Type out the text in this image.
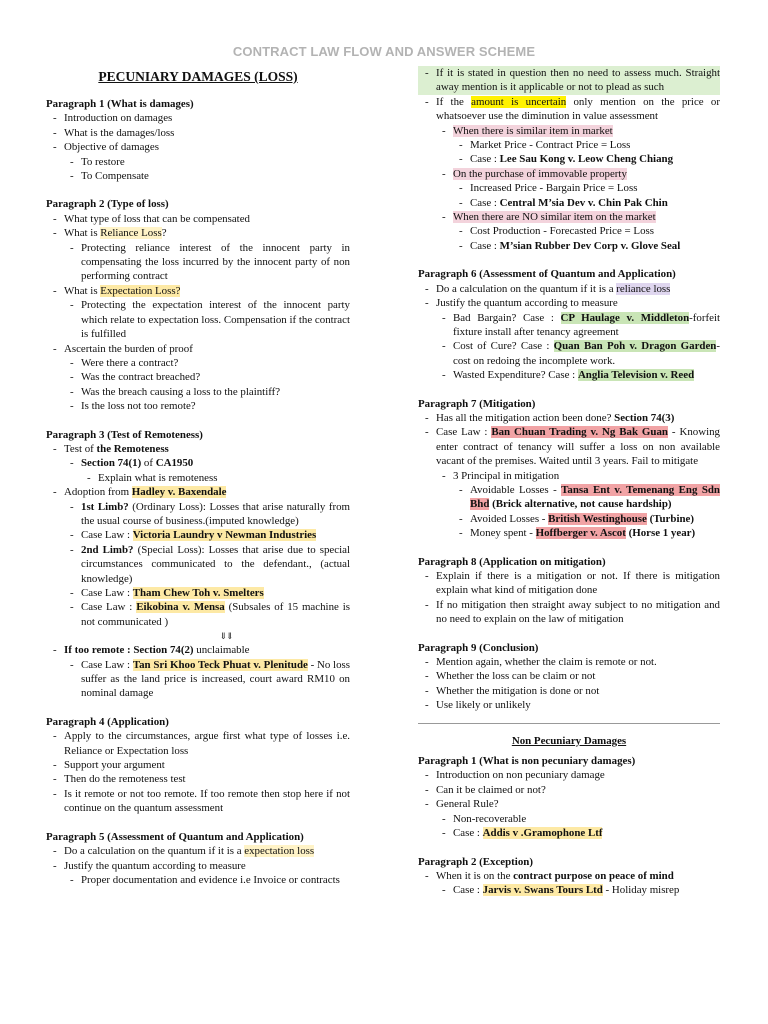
CONTRACT LAW FLOW AND ANSWER SCHEME
PECUNIARY DAMAGES (LOSS)
Paragraph 1 (What is damages)
- Introduction on damages
- What is the damages/loss
- Objective of damages
- To restore
- To Compensate
Paragraph 2 (Type of loss)
- What type of loss that can be compensated
- What is Reliance Loss?
- Protecting reliance interest of the innocent party in compensating the loss incurred by the innocent party of non performing contract
- What is Expectation Loss?
- Protecting the expectation interest of the innocent party which relate to expectation loss. Compensation if the contract is fulfilled
- Ascertain the burden of proof
- Were there a contract?
- Was the contract breached?
- Was the breach causing a loss to the plaintiff?
- Is the loss not too remote?
Paragraph 3 (Test of Remoteness)
- Test of the Remoteness
- Section 74(1) of CA1950
- Explain what is remoteness
- Adoption from Hadley v. Baxendale
- 1st Limb? (Ordinary Loss): Losses that arise naturally from the usual course of business.(imputed knowledge)
- Case Law : Victoria Laundry v Newman Industries
- 2nd Limb? (Special Loss): Losses that arise due to special circumstances communicated to the defendant., (actual knowledge)
- Case Law : Tham Chew Toh v. Smelters
- Case Law : Eikobina v. Mensa (Subsales of 15 machine is not communicated )
⇓⇓
- If too remote : Section 74(2) unclaimable
- Case Law : Tan Sri Khoo Teck Phuat v. Plenitude - No loss suffer as the land price is increased, court award RM10 on nominal damage
Paragraph 4 (Application)
- Apply to the circumstances, argue first what type of losses i.e. Reliance or Expectation loss
- Support your argument
- Then do the remoteness test
- Is it remote or not too remote. If too remote then stop here if not continue on the quantum assessment
Paragraph 5 (Assessment of Quantum and Application)
- Do a calculation on the quantum if it is a expectation loss
- Justify the quantum according to measure
- Proper documentation and evidence i.e Invoice or contracts
- If it is stated in question then no need to assess much. Straight away mention is it applicable or not to plead as such
- If the amount is uncertain only mention on the price or whatsoever use the diminution in value assessment
- When there is similar item in market
- Market Price - Contract Price = Loss
- Case : Lee Sau Kong v. Leow Cheng Chiang
- On the purchase of immovable property
- Increased Price - Bargain Price = Loss
- Case : Central M’sia Dev v. Chin Pak Chin
- When there are NO similar item on the market
- Cost Production - Forecasted Price = Loss
- Case : M’sian Rubber Dev Corp v. Glove Seal
Paragraph 6 (Assessment of Quantum and Application)
- Do a calculation on the quantum if it is a reliance loss
- Justify the quantum according to measure
- Bad Bargain? Case : CP Haulage v. Middleton-forfeit fixture install after tenancy agreement
- Cost of Cure? Case : Quan Ban Poh v. Dragon Garden-cost on redoing the incomplete work.
- Wasted Expenditure? Case : Anglia Television v. Reed
Paragraph 7 (Mitigation)
- Has all the mitigation action been done? Section 74(3)
- Case Law : Ban Chuan Trading v. Ng Bak Guan - Knowing enter contract of tenancy will suffer a loss on non available vacant of the premises. Waited until 3 years. Fail to mitigate
- 3 Principal in mitigation
- Avoidable Losses - Tansa Ent v. Temenang Eng Sdn Bhd (Brick alternative, not cause hardship)
- Avoided Losses - British Westinghouse (Turbine)
- Money spent - Hoffberger v. Ascot (Horse 1 year)
Paragraph 8 (Application on mitigation)
- Explain if there is a mitigation or not. If there is mitigation explain what kind of mitigation done
- If no mitigation then straight away subject to no mitigation and no need to explain on the law of mitigation
Paragraph 9 (Conclusion)
- Mention again, whether the claim is remote or not.
- Whether the loss can be claim or not
- Whether the mitigation is done or not
- Use likely or unlikely
Non Pecuniary Damages
Paragraph 1 (What is non pecuniary damages)
- Introduction on non pecuniary damage
- Can it be claimed or not?
- General Rule?
- Non-recoverable
- Case : Addis v .Gramophone Ltf
Paragraph 2 (Exception)
- When it is on the contract purpose on peace of mind
- Case : Jarvis v. Swans Tours Ltd - Holiday misrep
